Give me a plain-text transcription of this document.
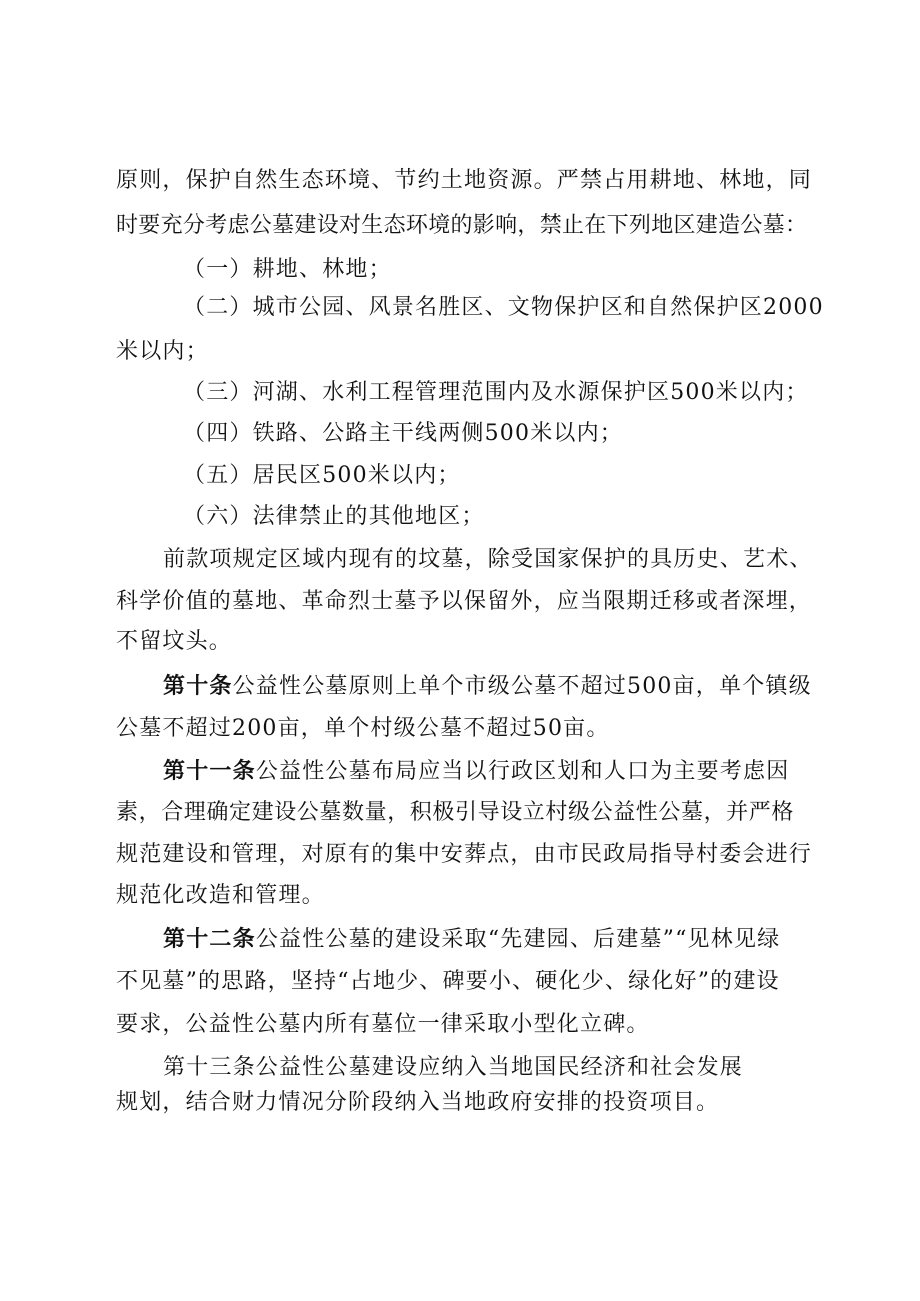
原则，保护自然生态环境、节约土地资源。严禁占用耕地、林地，同
时要充分考虑公墓建设对生态环境的影响，禁止在下列地区建造公墓：
（一）耕地、林地；
（二）城市公园、风景名胜区、文物保护区和自然保护区2000
米以内；
（三）河湖、水利工程管理范围内及水源保护区500米以内；
（四）铁路、公路主干线两侧500米以内；
（五）居民区500米以内；
（六）法律禁止的其他地区；
前款项规定区域内现有的坟墓，除受国家保护的具历史、艺术、
科学价值的墓地、革命烈士墓予以保留外，应当限期迁移或者深埋，
不留坟头。
第十条公益性公墓原则上单个市级公墓不超过500亩，单个镇级
公墓不超过200亩，单个村级公墓不超过50亩。
第十一条公益性公墓布局应当以行政区划和人口为主要考虑因
素，合理确定建设公墓数量，积极引导设立村级公益性公墓，并严格
规范建设和管理，对原有的集中安葬点，由市民政局指导村委会进行
规范化改造和管理。
第十二条公益性公墓的建设采取“先建园、后建墓”“见林见绿
不见墓”的思路，坚持“占地少、碑要小、硬化少、绿化好”的建设
要求，公益性公墓内所有墓位一律采取小型化立碑。
第十三条公益性公墓建设应纳入当地国民经济和社会发展
规划，结合财力情况分阶段纳入当地政府安排的投资项目。
